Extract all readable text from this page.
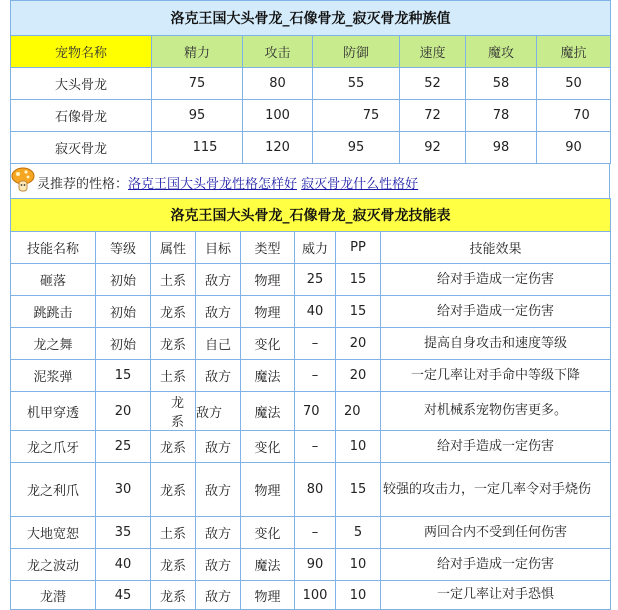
洛克王国大头骨龙_石像骨龙_寂灭骨龙种族值						
宠物名称	精力	攻击	防御	速度	魔攻	魔抗
大头骨龙	75	80	55	52	58	50
石像骨龙	95	100	75	72	78	70
寂灭骨龙	115	120	95	92	98	90
灵推荐的性格：洛克王国大头骨龙性格怎样好 寂灭骨龙什么性格好
洛克王国大头骨龙_石像骨龙_寂灭骨龙技能表							
技能名称	等级	属性	目标	类型	威力	PP	技能效果
砸落	初始	土系	敌方	物理	25	15	给对手造成一定伤害
跳跳击	初始	龙系	敌方	物理	40	15	给对手造成一定伤害
龙之舞	初始	龙系	自己	变化	–	20	提高自身攻击和速度等级
泥浆弹	15	土系	敌方	魔法	–	20	一定几率让对手命中等级下降
机甲穿透	20	龙系	敌方	魔法	70	20	对机械系宠物伤害更多。
龙之爪牙	25	龙系	敌方	变化	–	10	给对手造成一定伤害
龙之利爪	30	龙系	敌方	物理	80	15	较强的攻击力，一定几率令对手烧伤
大地宽恕	35	土系	敌方	变化	–	5	两回合内不受到任何伤害
龙之波动	40	龙系	敌方	魔法	90	10	给对手造成一定伤害
龙潜	45	龙系	敌方	物理	100	10	一定几率让对手恐惧
